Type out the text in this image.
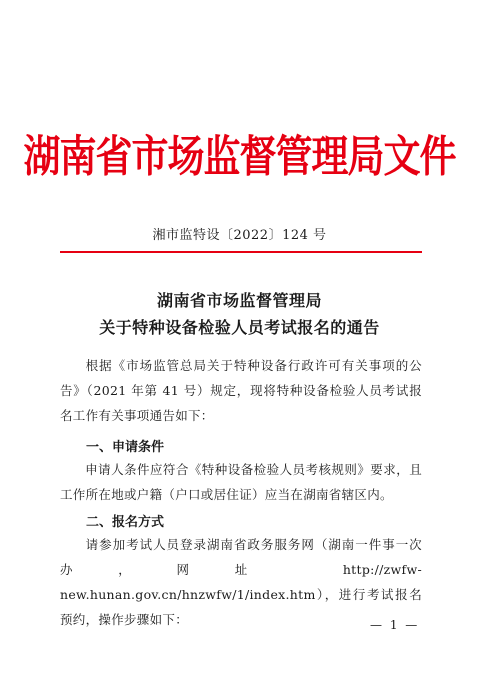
湖南省市场监督管理局文件
湘市监特设〔2022〕124 号
湖南省市场监督管理局
关于特种设备检验人员考试报名的通告
根据《市场监管总局关于特种设备行政许可有关事项的公告》（2021 年第 41 号）规定，现将特种设备检验人员考试报名工作有关事项通告如下：
一、申请条件
申请人条件应符合《特种设备检验人员考核规则》要求，且工作所在地或户籍（户口或居住证）应当在湖南省辖区内。
二、报名方式
请参加考试人员登录湖南省政务服务网（湖南一件事一次办，网址 http://zwfw-new.hunan.gov.cn/hnzwfw/1/index.htm），进行考试报名预约，操作步骤如下：	— 1 —
